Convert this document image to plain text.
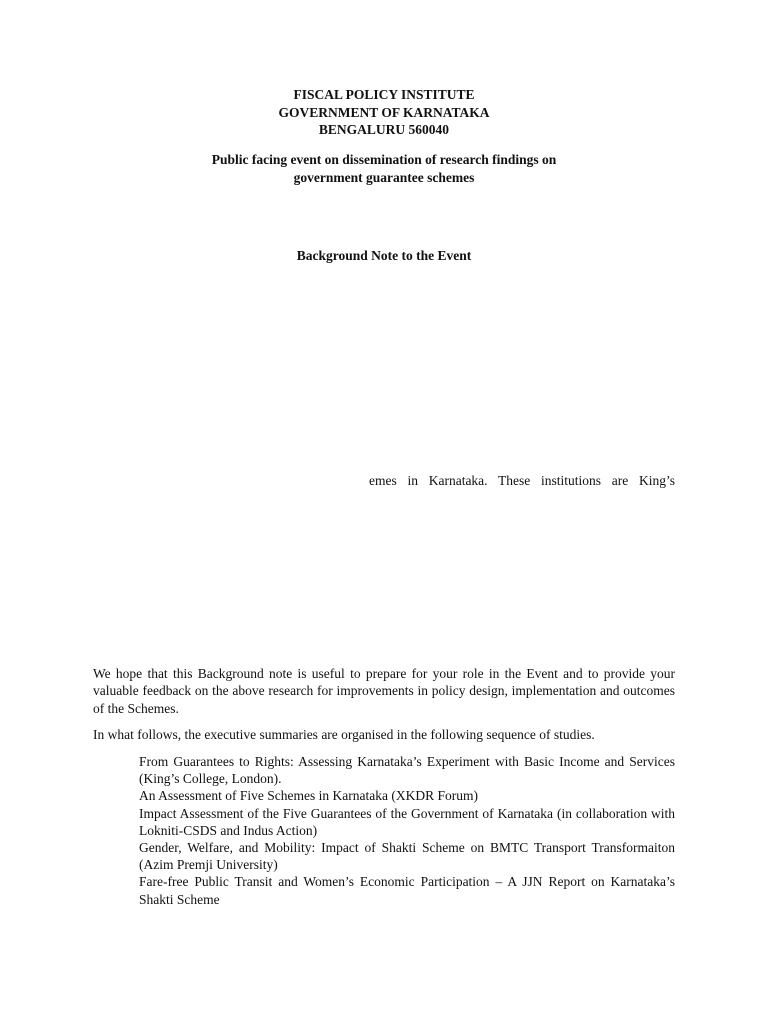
FISCAL POLICY INSTITUTE
GOVERNMENT OF KARNATAKA
BENGALURU 560040
Public facing event on dissemination of research findings on
government guarantee schemes
Background Note to the Event

emes in Karnataka. These institutions are King’s

We hope that this Background note is useful to prepare for your role in the Event and to provide your valuable feedback on the above research for improvements in policy design, implementation and outcomes of the Schemes.

In what follows, the executive summaries are organised in the following sequence of studies.

From Guarantees to Rights: Assessing Karnataka’s Experiment with Basic Income and Services (King’s College, London).
An Assessment of Five Schemes in Karnataka (XKDR Forum)
Impact Assessment of the Five Guarantees of the Government of Karnataka (in collaboration with Lokniti-CSDS and Indus Action)
Gender, Welfare, and Mobility: Impact of Shakti Scheme on BMTC Transport Transformaiton (Azim Premji University)
Fare-free Public Transit and Women’s Economic Participation – A JJN Report on Karnataka’s Shakti Scheme
